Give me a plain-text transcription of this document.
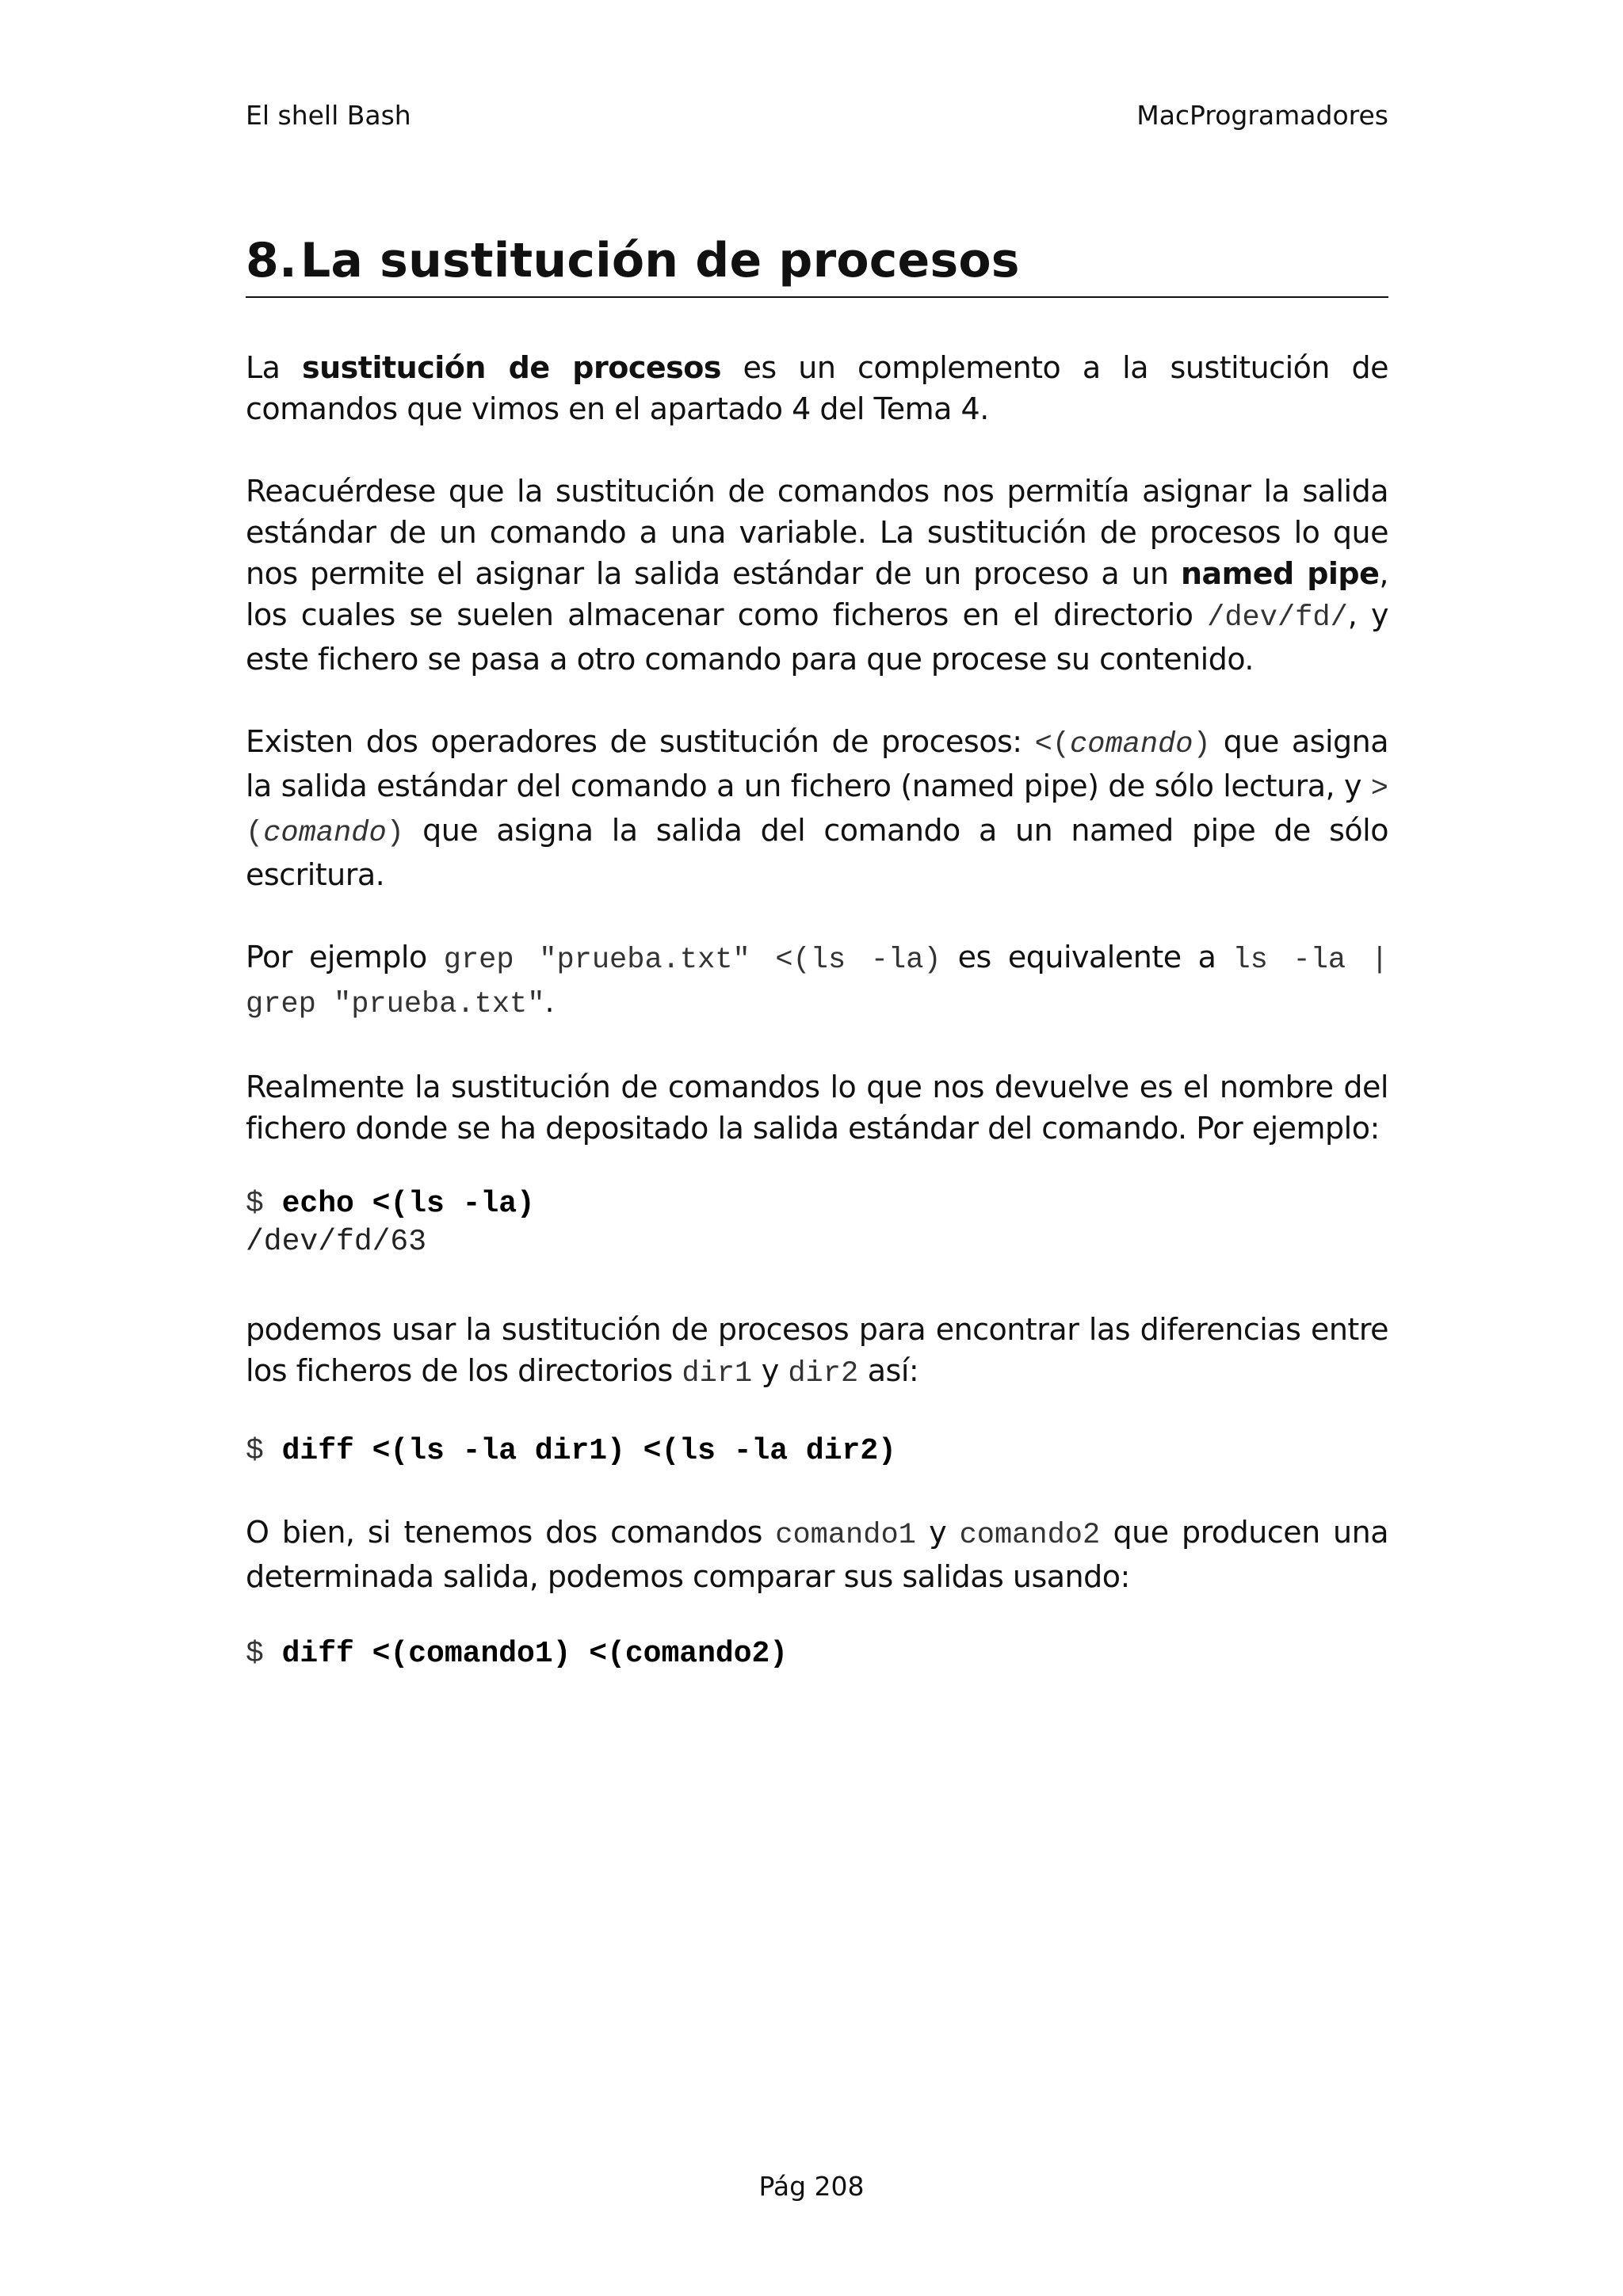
El shell Bash	MacProgramadores
8.La sustitución de procesos

La sustitución de procesos es un complemento a la sustitución de comandos que vimos en el apartado 4 del Tema 4.

Reacuérdese que la sustitución de comandos nos permitía asignar la salida estándar de un comando a una variable. La sustitución de procesos lo que nos permite el asignar la salida estándar de un proceso a un named pipe, los cuales se suelen almacenar como ficheros en el directorio /dev/fd/, y este fichero se pasa a otro comando para que procese su contenido.

Existen dos operadores de sustitución de procesos: <(comando) que asigna la salida estándar del comando a un fichero (named pipe) de sólo lectura, y >(comando) que asigna la salida del comando a un named pipe de sólo escritura.

Por ejemplo grep "prueba.txt" <(ls -la) es equivalente a ls -la | grep "prueba.txt".

Realmente la sustitución de comandos lo que nos devuelve es el nombre del fichero donde se ha depositado la salida estándar del comando. Por ejemplo:

$ echo <(ls -la)
/dev/fd/63

podemos usar la sustitución de procesos para encontrar las diferencias entre los ficheros de los directorios dir1 y dir2 así:

$ diff <(ls -la dir1) <(ls -la dir2)

O bien, si tenemos dos comandos comando1 y comando2 que producen una determinada salida, podemos comparar sus salidas usando:

$ diff <(comando1) <(comando2)
Pág 208
